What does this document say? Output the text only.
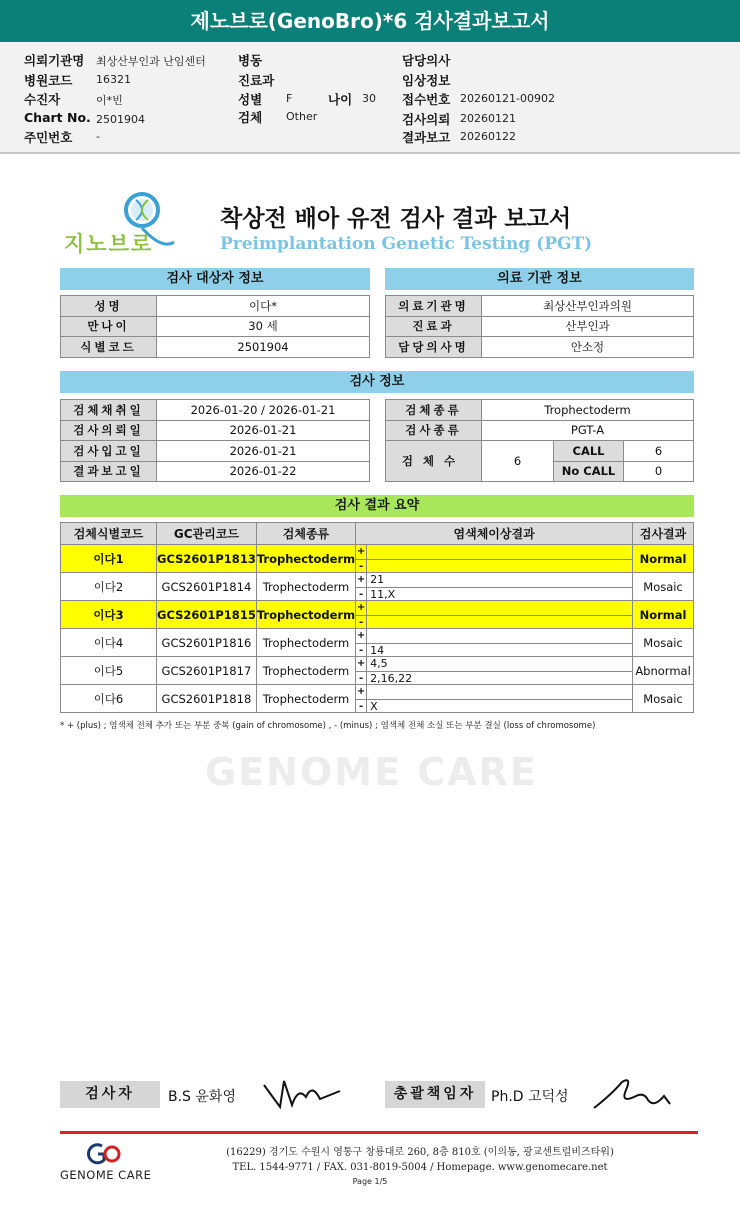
제노브로(GenoBro)*6 검사결과보고서
의뢰기관명 최상산부인과 난임센터
병원코드 16321
수진자	이*빈
Chart No. 2501904
주민번호 -
병동
진료과
성별 F	나이 30
검체 Other
담당의사
임상정보
접수번호 20260121-00902
검사의뢰 20260121
결과보고 20260122
지노브로
착상전 배아 유전 검사 결과 보고서
Preimplantation Genetic Testing (PGT)
검사 대상자 정보
성명	이다*
만나이	30 세
식별코드	2501904
의료 기관 정보
의료기관명	최상산부인과의원
진료과	산부인과
담당의사명	안소정
검사 정보
검체채취일	2026-01-20 / 2026-01-21
검사의뢰일	2026-01-21
검사입고일	2026-01-21
결과보고일	2026-01-22
검체종류	Trophectoderm		
검사종류	PGT-A		
검체수	6	CALL	6
		No CALL	0
검사 결과 요약
검체식별코드	GC관리코드	검체종류	염색체이상결과	검사결과
이다1	GCS2601P1813	Trophectoderm	+
-	Normal
이다2	GCS2601P1814	Trophectoderm	+ 21
- 11,X	Mosaic
이다3	GCS2601P1815	Trophectoderm	+
-	Normal
이다4	GCS2601P1816	Trophectoderm	+
- 14	Mosaic
이다5	GCS2601P1817	Trophectoderm	+ 4,5
- 2,16,22	Abnormal
이다6	GCS2601P1818	Trophectoderm	+
- X	Mosaic
* + (plus) ; 염색체 전체 추가 또는 부분 중복 (gain of chromosome) , - (minus) ; 염색체 전체 소실 또는 부분 결실 (loss of chromosome)
GENOME CARE
검사자	B.S 윤화영	총괄책임자	Ph.D 고덕성
GENOME CARE
(16229) 경기도 수원시 영통구 창룡대로 260, 8층 810호 (이의동, 광교센트럴비즈타워)
TEL. 1544-9771 / FAX. 031-8019-5004 / Homepage. www.genomecare.net
Page 1/5
